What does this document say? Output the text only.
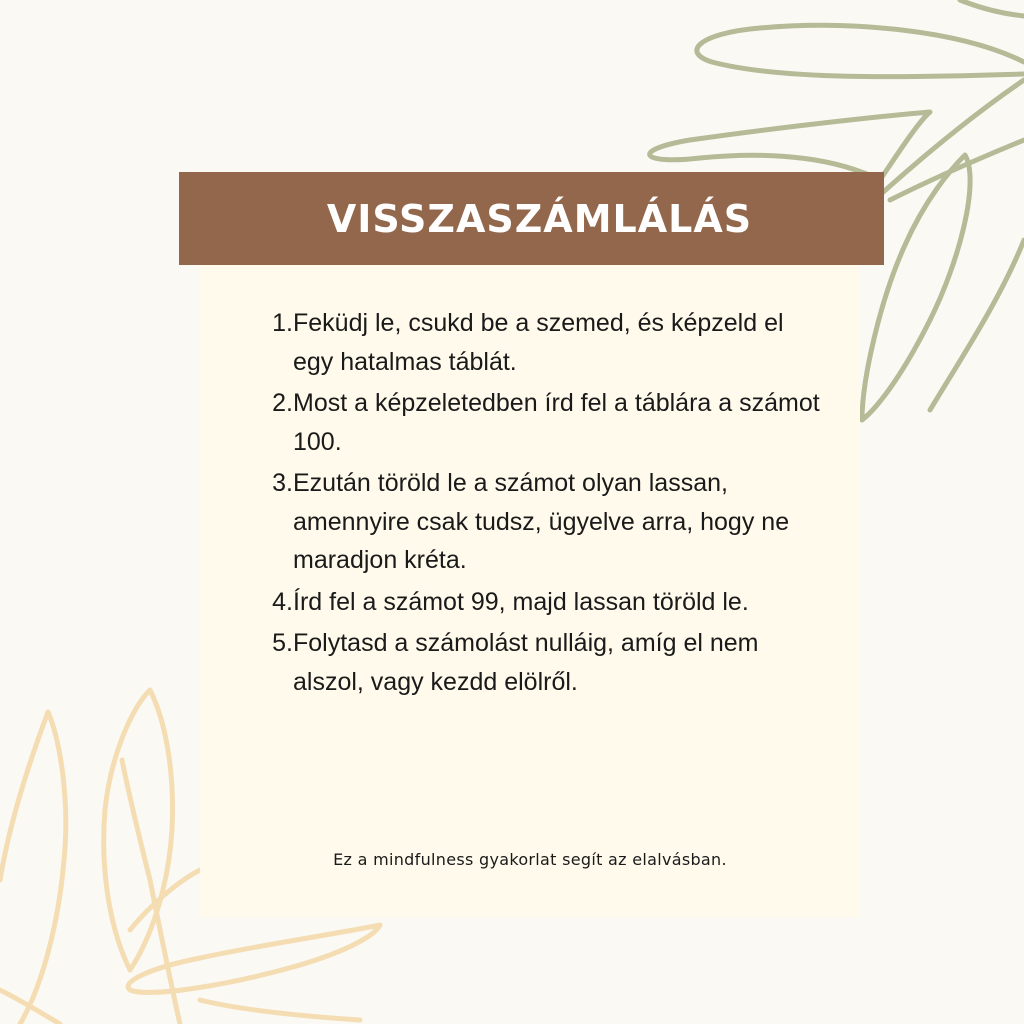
VISSZASZÁMLÁLÁS
1. Feküdj le, csukd be a szemed, és képzeld el egy hatalmas táblát.
2. Most a képzeletedben írd fel a táblára a számot 100.
3. Ezután töröld le a számot olyan lassan, amennyire csak tudsz, ügyelve arra, hogy ne maradjon kréta.
4. Írd fel a számot 99, majd lassan töröld le.
5. Folytasd a számolást nulláig, amíg el nem alszol, vagy kezdd elölről.
Ez a mindfulness gyakorlat segít az elalvásban.
